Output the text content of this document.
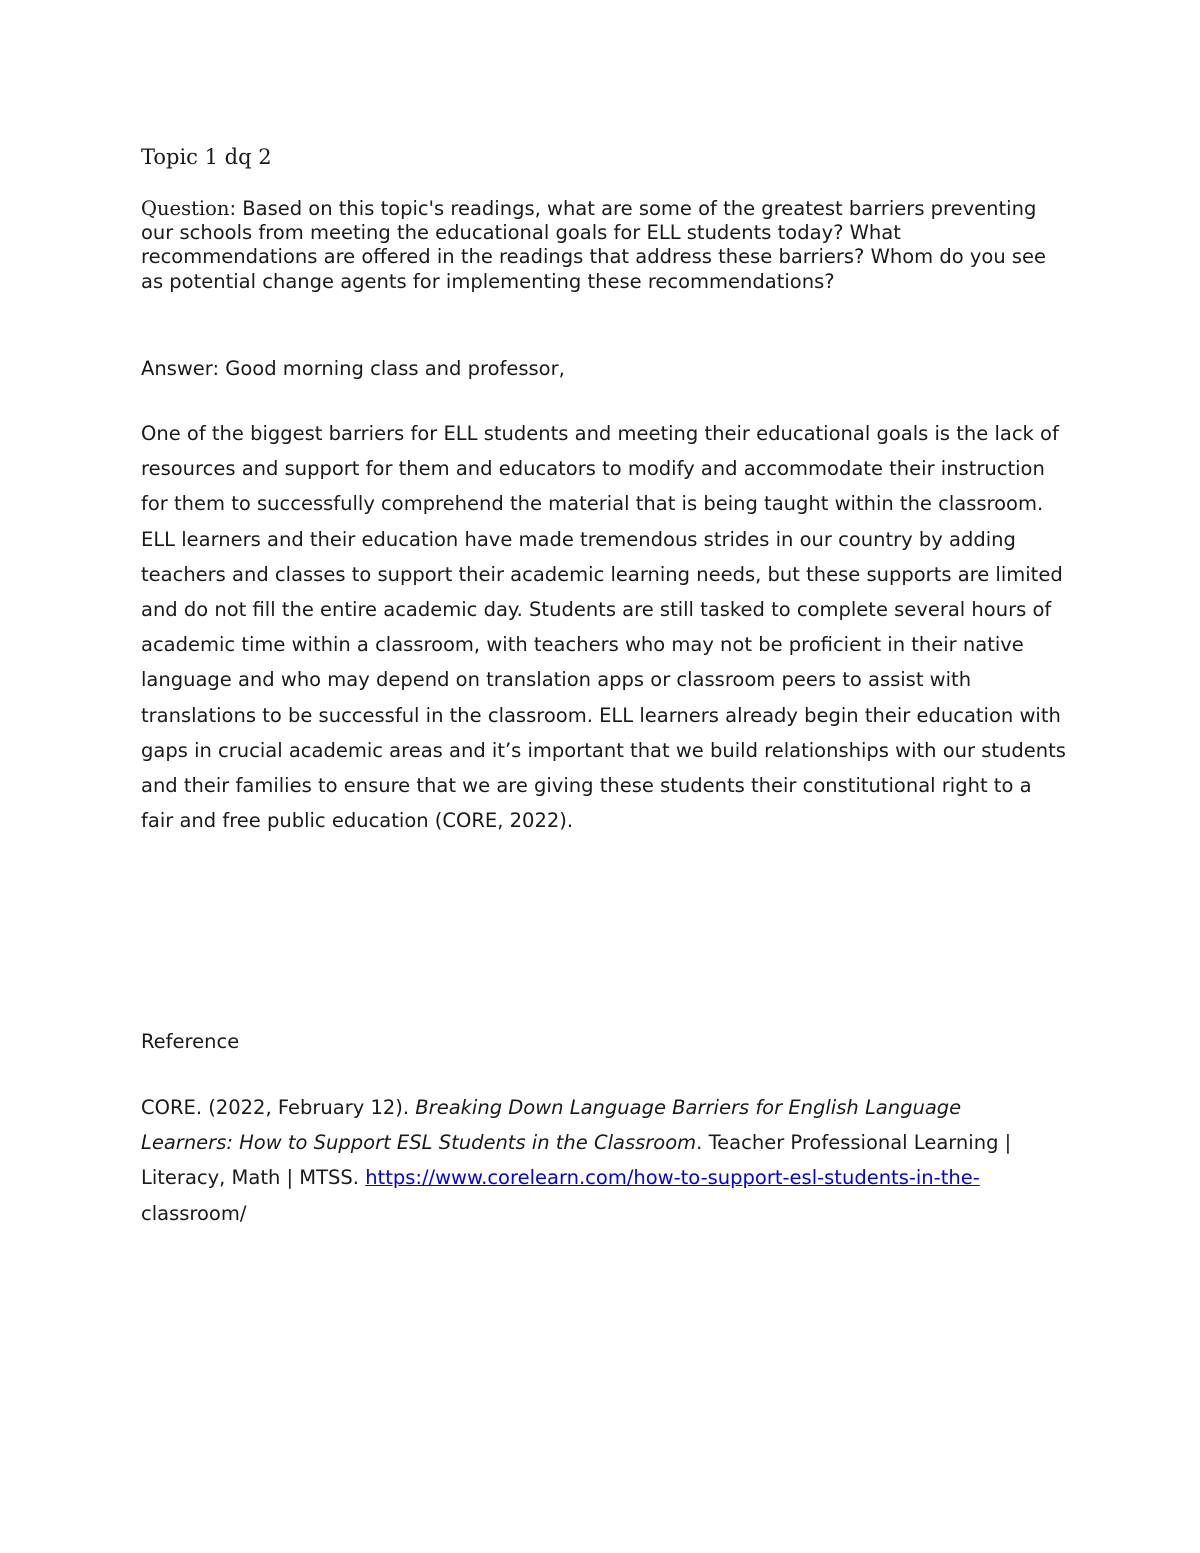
Topic 1 dq 2
Question: Based on this topic's readings, what are some of the greatest barriers preventing our schools from meeting the educational goals for ELL students today? What recommendations are offered in the readings that address these barriers? Whom do you see as potential change agents for implementing these recommendations?
Answer: Good morning class and professor,
One of the biggest barriers for ELL students and meeting their educational goals is the lack of resources and support for them and educators to modify and accommodate their instruction for them to successfully comprehend the material that is being taught within the classroom. ELL learners and their education have made tremendous strides in our country by adding teachers and classes to support their academic learning needs, but these supports are limited and do not fill the entire academic day. Students are still tasked to complete several hours of academic time within a classroom, with teachers who may not be proficient in their native language and who may depend on translation apps or classroom peers to assist with translations to be successful in the classroom. ELL learners already begin their education with gaps in crucial academic areas and it’s important that we build relationships with our students and their families to ensure that we are giving these students their constitutional right to a fair and free public education (CORE, 2022).
Reference
CORE. (2022, February 12). Breaking Down Language Barriers for English Language Learners: How to Support ESL Students in the Classroom. Teacher Professional Learning | Literacy, Math | MTSS. https://www.corelearn.com/how-to-support-esl-students-in-the-classroom/
